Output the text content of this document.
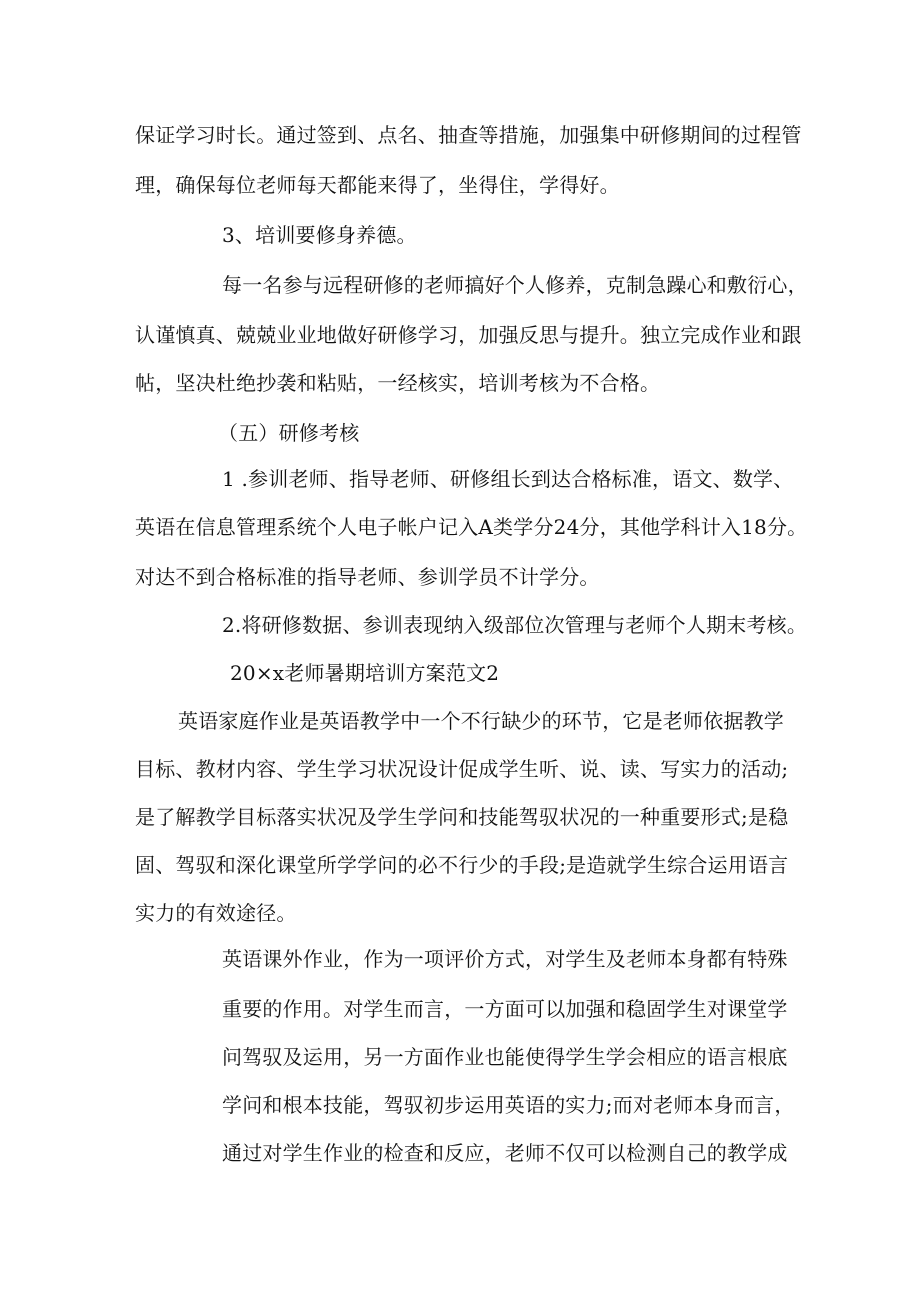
保证学习时长。通过签到、点名、抽查等措施，加强集中研修期间的过程管
理，确保每位老师每天都能来得了，坐得住，学得好。
3、培训要修身养德。
每一名参与远程研修的老师搞好个人修养，克制急躁心和敷衍心，
认谨慎真、兢兢业业地做好研修学习，加强反思与提升。独立完成作业和跟
帖，坚决杜绝抄袭和粘贴，一经核实，培训考核为不合格。
（五）研修考核
1 .参训老师、指导老师、研修组长到达合格标准，语文、数学、
英语在信息管理系统个人电子帐户记入A类学分24分，其他学科计入18分。
对达不到合格标准的指导老师、参训学员不计学分。
2.将研修数据、参训表现纳入级部位次管理与老师个人期末考核。
20×x老师暑期培训方案范文2
英语家庭作业是英语教学中一个不行缺少的环节，它是老师依据教学
目标、教材内容、学生学习状况设计促成学生听、说、读、写实力的活动;
是了解教学目标落实状况及学生学问和技能驾驭状况的一种重要形式;是稳
固、驾驭和深化课堂所学学问的必不行少的手段;是造就学生综合运用语言
实力的有效途径。
英语课外作业，作为一项评价方式，对学生及老师本身都有特殊
重要的作用。对学生而言，一方面可以加强和稳固学生对课堂学
问驾驭及运用，另一方面作业也能使得学生学会相应的语言根底
学问和根本技能，驾驭初步运用英语的实力;而对老师本身而言，
通过对学生作业的检查和反应，老师不仅可以检测自己的教学成
